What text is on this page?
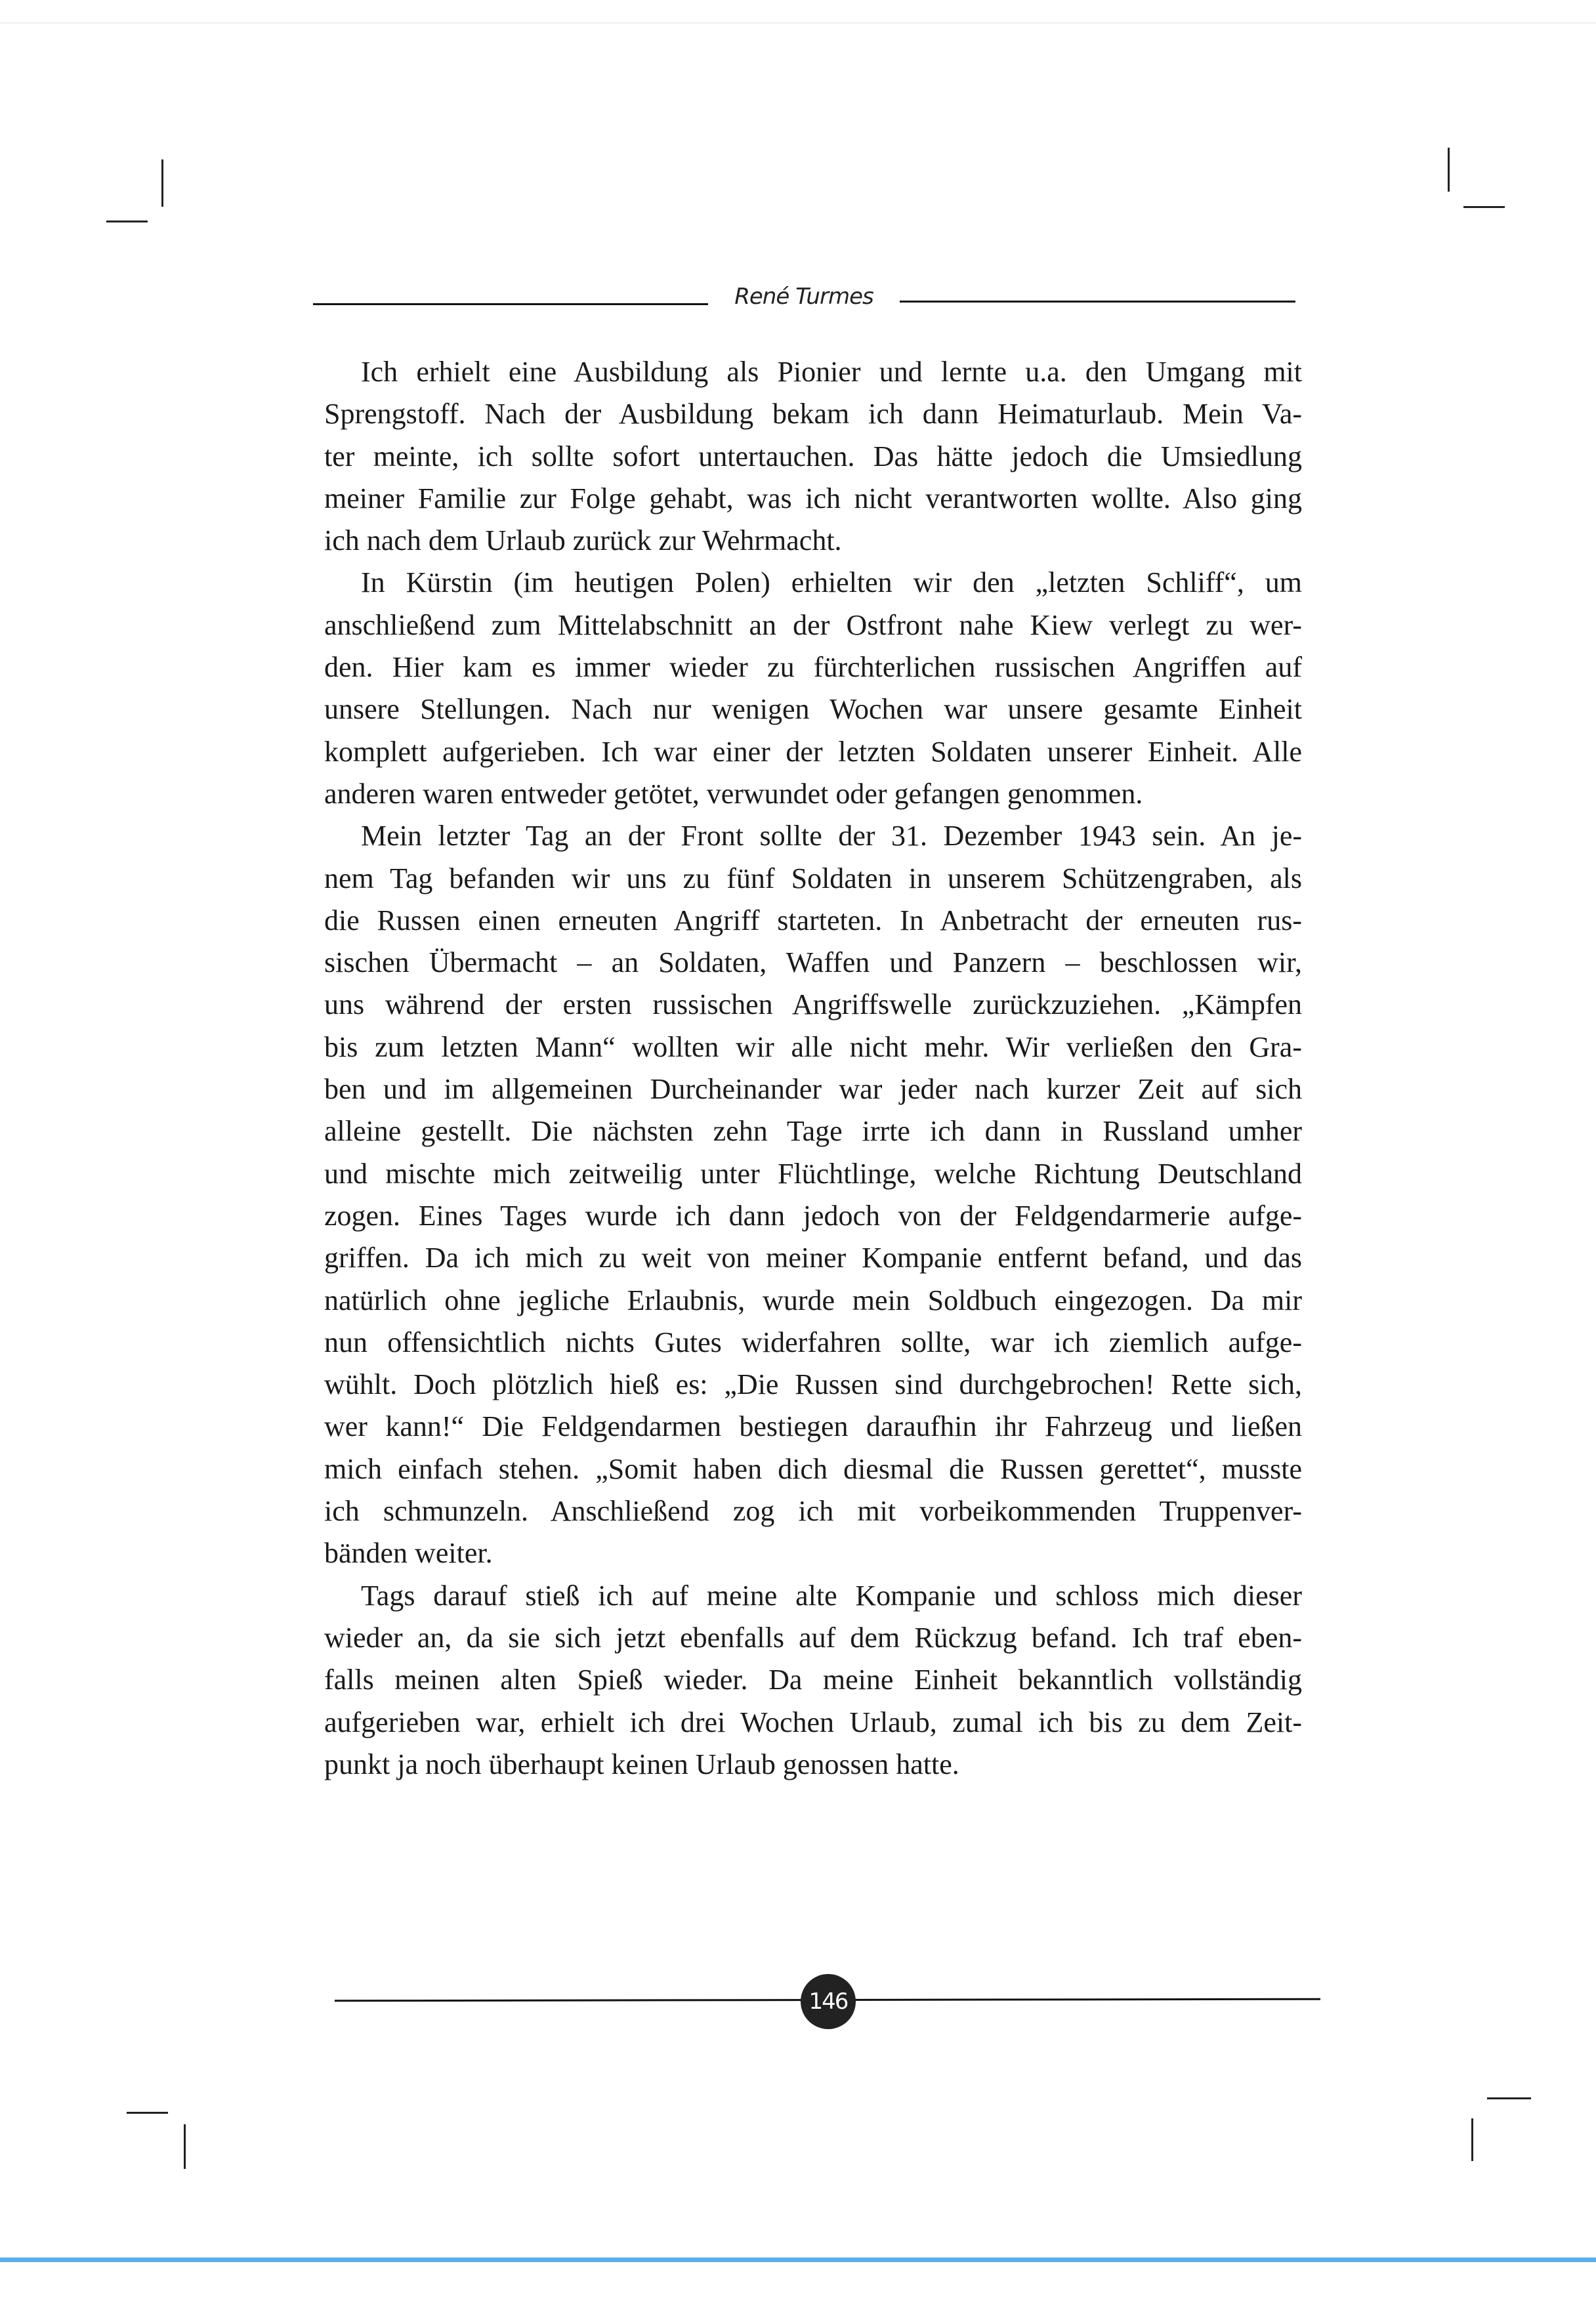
René Turmes
Ich erhielt eine Ausbildung als Pionier und lernte u.a. den Umgang mit
Sprengstoff. Nach der Ausbildung bekam ich dann Heimaturlaub. Mein Va-
ter meinte, ich sollte sofort untertauchen. Das hätte jedoch die Umsiedlung
meiner Familie zur Folge gehabt, was ich nicht verantworten wollte. Also ging
ich nach dem Urlaub zurück zur Wehrmacht.
In Kürstin (im heutigen Polen) erhielten wir den „letzten Schliff“, um
anschließend zum Mittelabschnitt an der Ostfront nahe Kiew verlegt zu wer-
den. Hier kam es immer wieder zu fürchterlichen russischen Angriffen auf
unsere Stellungen. Nach nur wenigen Wochen war unsere gesamte Einheit
komplett aufgerieben. Ich war einer der letzten Soldaten unserer Einheit. Alle
anderen waren entweder getötet, verwundet oder gefangen genommen.
Mein letzter Tag an der Front sollte der 31. Dezember 1943 sein. An je-
nem Tag befanden wir uns zu fünf Soldaten in unserem Schützengraben, als
die Russen einen erneuten Angriff starteten. In Anbetracht der erneuten rus-
sischen Übermacht – an Soldaten, Waffen und Panzern – beschlossen wir,
uns während der ersten russischen Angriffswelle zurückzuziehen. „Kämpfen
bis zum letzten Mann“ wollten wir alle nicht mehr. Wir verließen den Gra-
ben und im allgemeinen Durcheinander war jeder nach kurzer Zeit auf sich
alleine gestellt. Die nächsten zehn Tage irrte ich dann in Russland umher
und mischte mich zeitweilig unter Flüchtlinge, welche Richtung Deutschland
zogen. Eines Tages wurde ich dann jedoch von der Feldgendarmerie aufge-
griffen. Da ich mich zu weit von meiner Kompanie entfernt befand, und das
natürlich ohne jegliche Erlaubnis, wurde mein Soldbuch eingezogen. Da mir
nun offensichtlich nichts Gutes widerfahren sollte, war ich ziemlich aufge-
wühlt. Doch plötzlich hieß es: „Die Russen sind durchgebrochen! Rette sich,
wer kann!“ Die Feldgendarmen bestiegen daraufhin ihr Fahrzeug und ließen
mich einfach stehen. „Somit haben dich diesmal die Russen gerettet“, musste
ich schmunzeln. Anschließend zog ich mit vorbeikommenden Truppenver-
bänden weiter.
Tags darauf stieß ich auf meine alte Kompanie und schloss mich dieser
wieder an, da sie sich jetzt ebenfalls auf dem Rückzug befand. Ich traf eben-
falls meinen alten Spieß wieder. Da meine Einheit bekanntlich vollständig
aufgerieben war, erhielt ich drei Wochen Urlaub, zumal ich bis zu dem Zeit-
punkt ja noch überhaupt keinen Urlaub genossen hatte.
146
